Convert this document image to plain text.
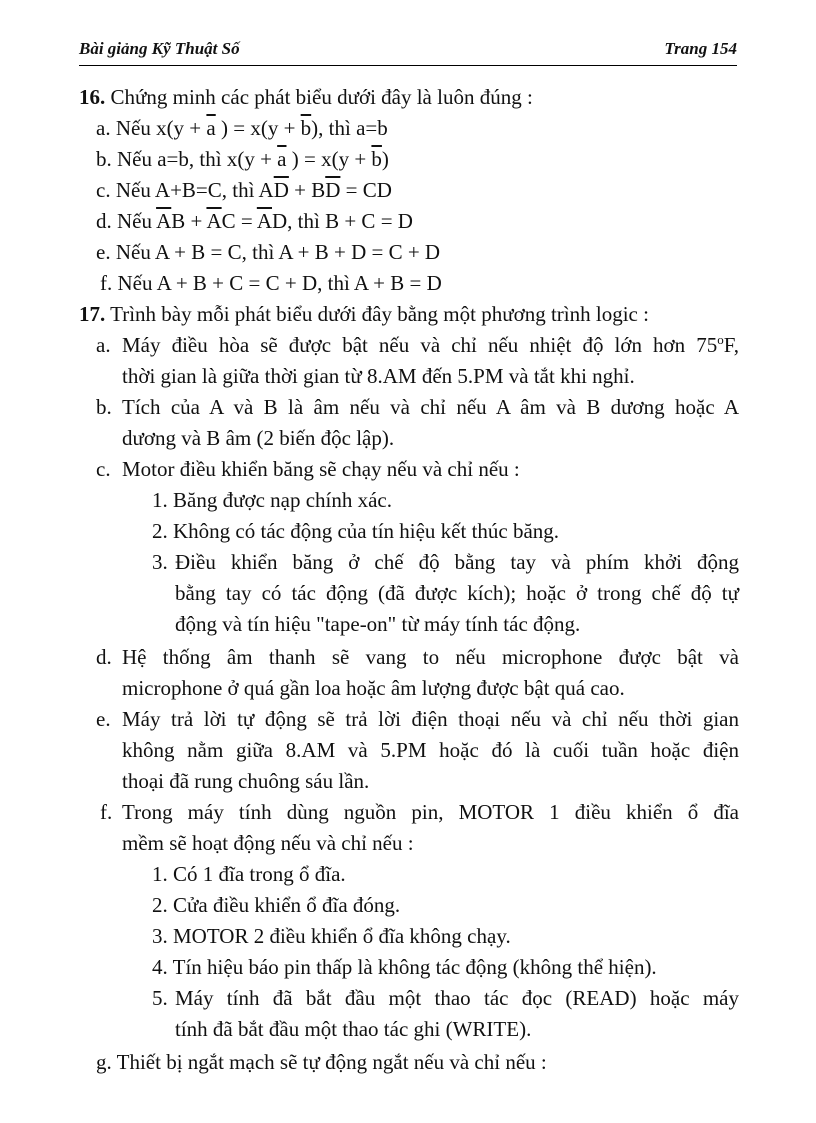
Bài giảng Kỹ Thuật Số	Trang 154
16. Chứng minh các phát biểu dưới đây là luôn đúng :
a. Nếu $x(y + \overline{a}$ ) = $x(y + \overline{b})$, thì a=b
b. Nếu a=b, thì $x(y + \overline{a}$ ) = $x(y + \overline{b})$
c. Nếu A+B=C, thì $A\overline{D} + B\overline{D}$ = CD
d. Nếu $\overline{A}B + \overline{A}C = \overline{A}D$, thì B + C = D
e. Nếu A + B = C, thì A + B + D = C + D
f. Nếu A + B + C = C + D, thì A + B = D
17. Trình bày mỗi phát biểu dưới đây bằng một phương trình logic :
a. Máy điều hòa sẽ được bật nếu và chỉ nếu nhiệt độ lớn hơn 75$^o$F,
thời gian là giữa thời gian từ 8.AM đến 5.PM và tắt khi nghỉ.
b. Tích của A và B là âm nếu và chỉ nếu A âm và B dương hoặc A
dương và B âm (2 biến độc lập).
c. Motor điều khiển băng sẽ chạy nếu và chỉ nếu :
1. Băng được nạp chính xác.
2. Không có tác động của tín hiệu kết thúc băng.
3. Điều khiển băng ở chế độ bằng tay và phím khởi động
bằng tay có tác động (đã được kích); hoặc ở trong chế độ tự
động và tín hiệu "tape-on" từ máy tính tác động.
d. Hệ thống âm thanh sẽ vang to nếu microphone được bật và
microphone ở quá gần loa hoặc âm lượng được bật quá cao.
e. Máy trả lời tự động sẽ trả lời điện thoại nếu và chỉ nếu thời gian
không nằm giữa 8.AM và 5.PM hoặc đó là cuối tuần hoặc điện
thoại đã rung chuông sáu lần.
f. Trong máy tính dùng nguồn pin, MOTOR 1 điều khiển ổ đĩa
mềm sẽ hoạt động nếu và chỉ nếu :
1. Có 1 đĩa trong ổ đĩa.
2. Cửa điều khiển ổ đĩa đóng.
3. MOTOR 2 điều khiển ổ đĩa không chạy.
4. Tín hiệu báo pin thấp là không tác động (không thể hiện).
5. Máy tính đã bắt đầu một thao tác đọc (READ) hoặc máy
tính đã bắt đầu một thao tác ghi (WRITE).
g. Thiết bị ngắt mạch sẽ tự động ngắt nếu và chỉ nếu :
